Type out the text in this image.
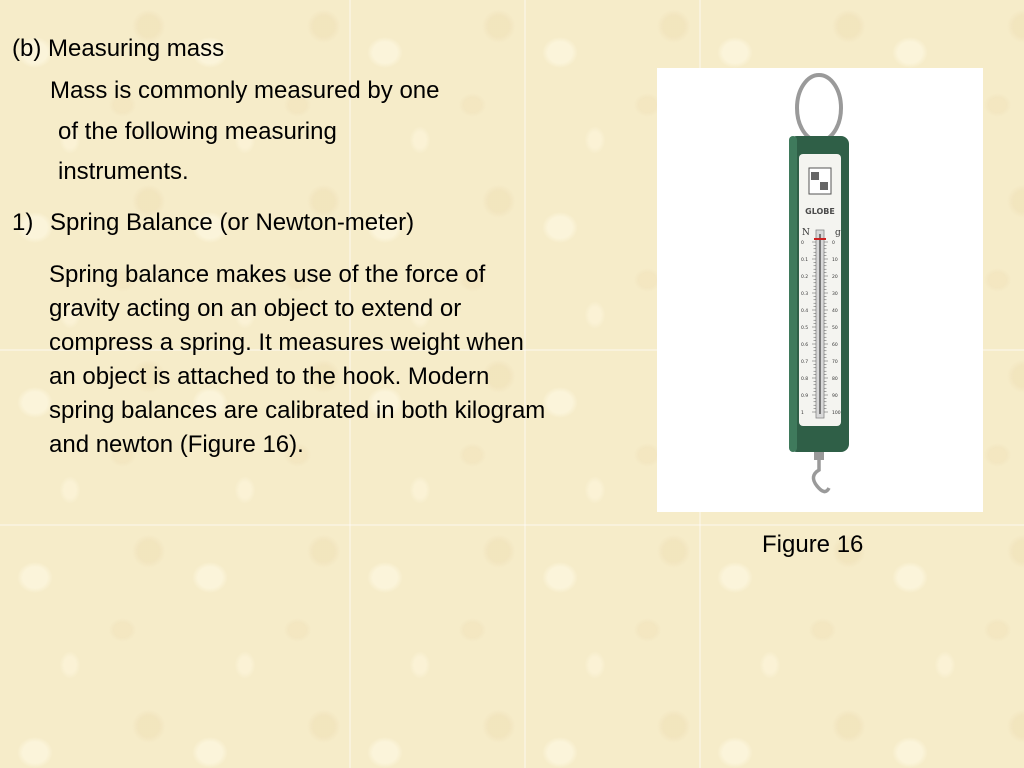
(b) Measuring mass
Mass is commonly measured by one
of the following measuring
instruments.
1) Spring Balance (or Newton-meter)
Spring balance makes use of the force of
gravity acting on an object to extend or
compress a spring. It measures weight when
an object is attached to the hook. Modern
spring balances are calibrated in both kilogram
and newton (Figure 16).
GLOBE
N	g
0
0.1
0.2
0.3
0.4
0.5
0.6
0.7
0.8
0.9
1
0
10
20
30
40
50
60
70
80
90
100
Figure 16
